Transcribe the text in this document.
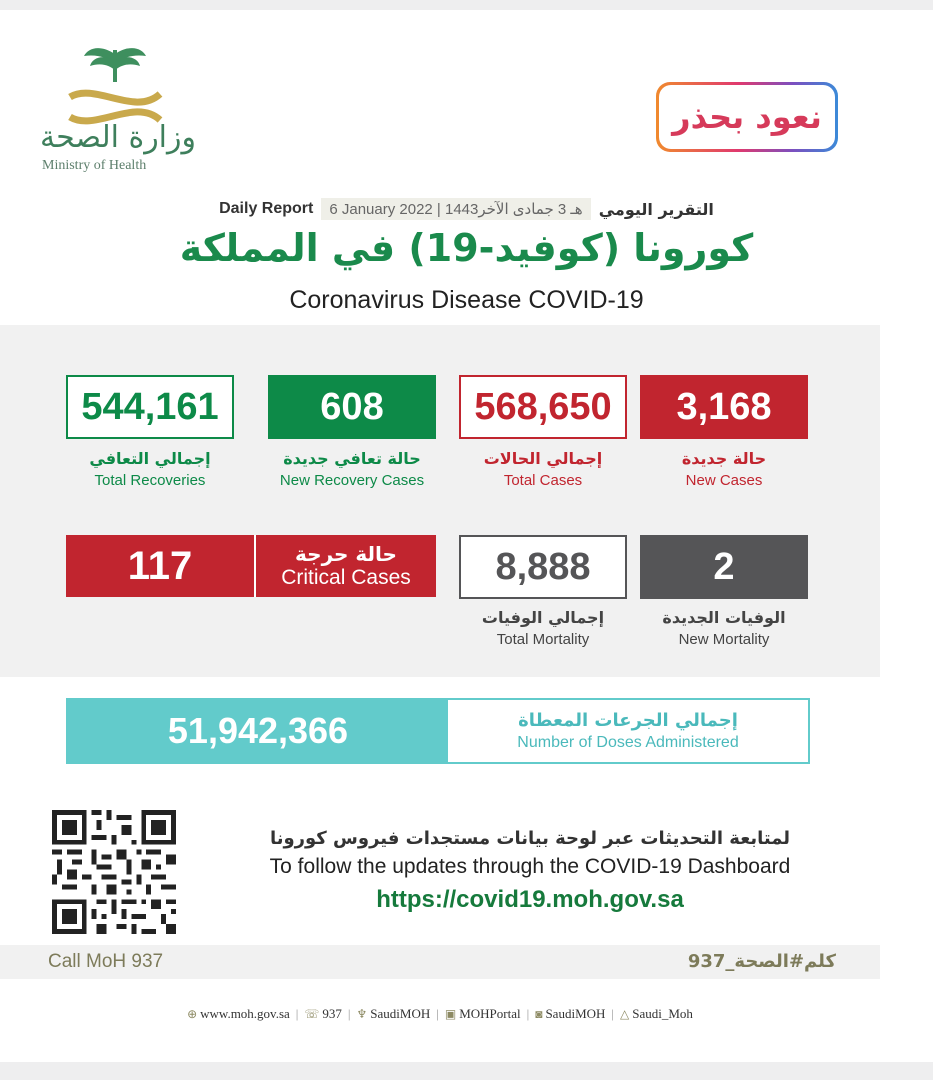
وزارة الصحة
Ministry of Health
نعود بحذر
Daily Report	6 January 2022 | 1443هـ 3 جمادى الآخر	التقرير اليومي
كورونا (كوفيد-19) في المملكة
Coronavirus Disease COVID-19
544,161
إجمالي التعافي
Total Recoveries
608
حالة تعافي جديدة
New Recovery Cases
568,650
إجمالي الحالات
Total Cases
3,168
حالة جديدة
New Cases
117	حالة حرجة
Critical Cases	8,888
إجمالي الوفيات
Total Mortality
2
الوفيات الجديدة
New Mortality
51,942,366	إجمالي الجرعات المعطاة
Number of Doses Administered
لمتابعة التحديثات عبر لوحة بيانات مستجدات فيروس كورونا
To follow the updates through the COVID-19 Dashboard
https://covid19.moh.gov.sa
Call MoH 937	كلم#الصحة_937
⊕ www.moh.gov.sa | ☏ 937 | ♆ SaudiMOH | ▣ MOHPortal | ◙ SaudiMOH | △ Saudi_Moh
